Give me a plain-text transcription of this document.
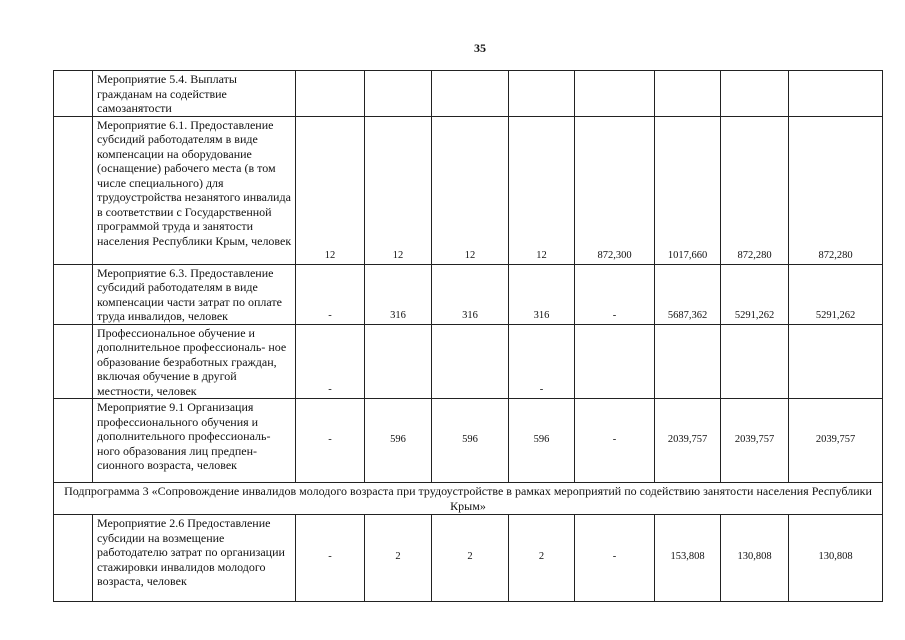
35
	Мероприятие 5.4. Выплаты гражданам на содействие самозанятости								
	Мероприятие 6.1. Предоставление субсидий работодателям в виде компенсации на оборудование (оснащение) рабочего места (в том числе специального) для трудоустройства незанятого инвалида в соответствии с Государственной программой труда и занятости населения Республики Крым, человек	12	12	12	12	872,300	1017,660	872,280	872,280
	Мероприятие 6.3. Предоставление субсидий работодателям в виде компенсации части затрат по оплате труда инвалидов, человек	-	316	316	316	-	5687,362	5291,262	5291,262
	Профессиональное обучение и дополнительное профессиональ- ное образование безработных граждан, включая обучение в другой местности, человек	-			-				
	Мероприятие 9.1 Организация профессионального обучения и дополнительного профессиональ- ного образования лиц предпен- сионного возраста, человек	-	596	596	596	-	2039,757	2039,757	2039,757
Подпрограмма 3 «Сопровождение инвалидов молодого возраста при трудоустройстве в рамках мероприятий по содействию занятости населения Республики Крым»									
	Мероприятие 2.6 Предоставление субсидии на возмещение работодателю затрат по организации стажировки инвалидов молодого возраста, человек	-	2	2	2	-	153,808	130,808	130,808
